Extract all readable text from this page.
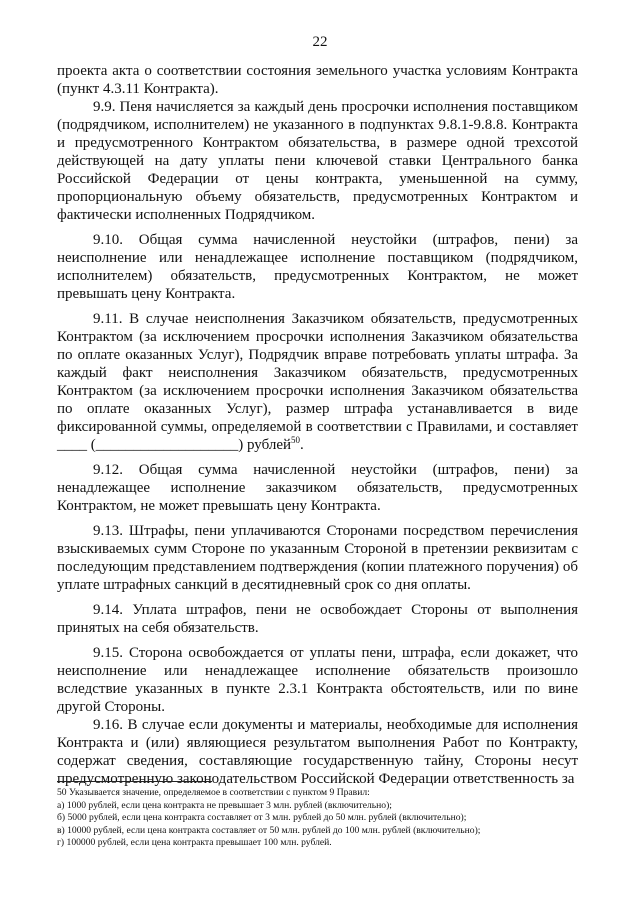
22

проекта акта о соответствии состояния земельного участка условиям Контракта (пункт 4.3.11 Контракта).

9.9. Пеня начисляется за каждый день просрочки исполнения поставщиком (подрядчиком, исполнителем) не указанного в подпунктах 9.8.1-9.8.8. Контракта и предусмотренного Контрактом обязательства, в размере одной трехсотой действующей на дату уплаты пени ключевой ставки Центрального банка Российской Федерации от цены контракта, уменьшенной на сумму, пропорциональную объему обязательств, предусмотренных Контрактом и фактически исполненных Подрядчиком.

9.10. Общая сумма начисленной неустойки (штрафов, пени) за неисполнение или ненадлежащее исполнение поставщиком (подрядчиком, исполнителем) обязательств, предусмотренных Контрактом, не может превышать цену Контракта.

9.11. В случае неисполнения Заказчиком обязательств, предусмотренных Контрактом (за исключением просрочки исполнения Заказчиком обязательства по оплате оказанных Услуг), Подрядчик вправе потребовать уплаты штрафа. За каждый факт неисполнения Заказчиком обязательств, предусмотренных Контрактом (за исключением просрочки исполнения Заказчиком обязательства по оплате оказанных Услуг), размер штрафа устанавливается в виде фиксированной суммы, определяемой в соответствии с Правилами, и составляет ____ (___________________) рублей$^{50}$.

9.12. Общая сумма начисленной неустойки (штрафов, пени) за ненадлежащее исполнение заказчиком обязательств, предусмотренных Контрактом, не может превышать цену Контракта.

9.13. Штрафы, пени уплачиваются Сторонами посредством перечисления взыскиваемых сумм Стороне по указанным Стороной в претензии реквизитам с последующим представлением подтверждения (копии платежного поручения) об уплате штрафных санкций в десятидневный срок со дня оплаты.

9.14. Уплата штрафов, пени не освобождает Стороны от выполнения принятых на себя обязательств.

9.15. Сторона освобождается от уплаты пени, штрафа, если докажет, что неисполнение или ненадлежащее исполнение обязательств произошло вследствие указанных в пункте 2.3.1 Контракта обстоятельств, или по вине другой Стороны.

9.16. В случае если документы и материалы, необходимые для исполнения Контракта и (или) являющиеся результатом выполнения Работ по Контракту, содержат сведения, составляющие государственную тайну, Стороны несут предусмотренную законодательством Российской Федерации ответственность за

50 Указывается значение, определяемое в соответствии с пунктом 9 Правил:
а) 1000 рублей, если цена контракта не превышает 3 млн. рублей (включительно);
б) 5000 рублей, если цена контракта составляет от 3 млн. рублей до 50 млн. рублей (включительно);
в) 10000 рублей, если цена контракта составляет от 50 млн. рублей до 100 млн. рублей (включительно);
г) 100000 рублей, если цена контракта превышает 100 млн. рублей.
